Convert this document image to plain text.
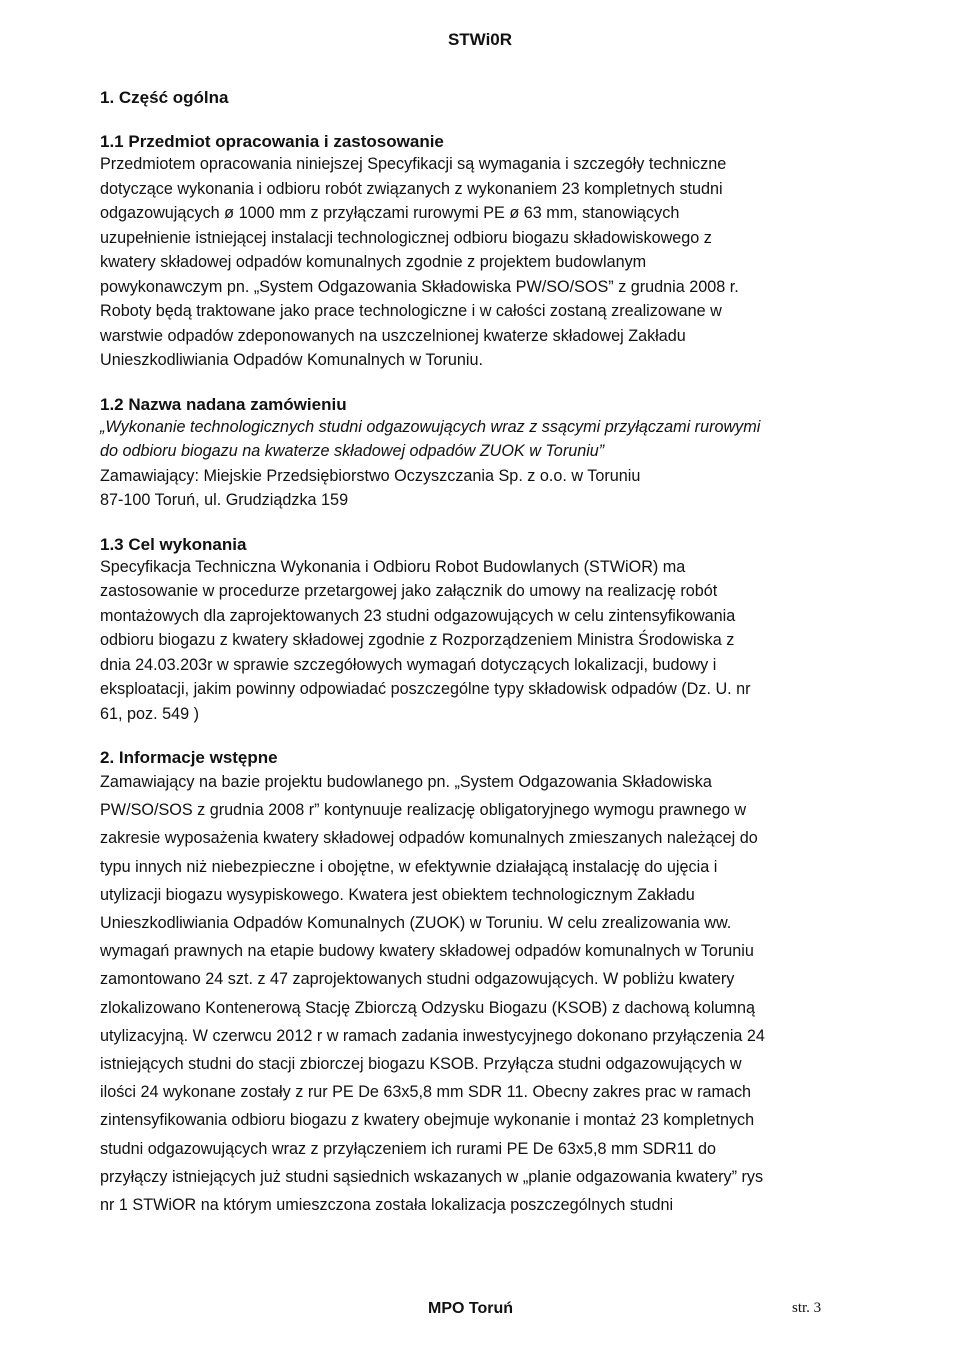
STWi0R

1. Część ogólna

1.1 Przedmiot opracowania i zastosowanie

Przedmiotem opracowania niniejszej Specyfikacji są wymagania i szczegóły techniczne

dotyczące wykonania i odbioru robót związanych z wykonaniem 23 kompletnych studni

odgazowujących ø 1000 mm z przyłączami rurowymi PE ø 63 mm, stanowiących

uzupełnienie istniejącej instalacji technologicznej odbioru biogazu składowiskowego z

kwatery składowej odpadów komunalnych zgodnie z projektem budowlanym

powykonawczym pn. „System Odgazowania Składowiska PW/SO/SOS” z grudnia 2008 r.

Roboty będą traktowane jako prace technologiczne i w całości zostaną zrealizowane w

warstwie odpadów zdeponowanych na uszczelnionej kwaterze składowej Zakładu

Unieszkodliwiania Odpadów Komunalnych w Toruniu.

1.2 Nazwa nadana zamówieniu

„Wykonanie technologicznych studni odgazowujących wraz z ssącymi przyłączami rurowymi

do odbioru biogazu na kwaterze składowej odpadów ZUOK w Toruniu”

Zamawiający: Miejskie Przedsiębiorstwo Oczyszczania Sp. z o.o. w Toruniu

87-100 Toruń, ul. Grudziądzka 159

1.3 Cel wykonania

Specyfikacja Techniczna Wykonania i Odbioru Robot Budowlanych (STWiOR) ma

zastosowanie w procedurze przetargowej jako załącznik do umowy na realizację robót

montażowych dla zaprojektowanych 23 studni odgazowujących w celu zintensyfikowania

odbioru biogazu z kwatery składowej zgodnie z Rozporządzeniem Ministra Środowiska z

dnia 24.03.203r w sprawie szczegółowych wymagań dotyczących lokalizacji, budowy i

eksploatacji, jakim powinny odpowiadać poszczególne typy składowisk odpadów (Dz. U. nr

61, poz. 549 )

2. Informacje wstępne

Zamawiający na bazie projektu budowlanego pn. „System Odgazowania Składowiska

PW/SO/SOS z grudnia 2008 r” kontynuuje realizację obligatoryjnego wymogu prawnego w

zakresie wyposażenia kwatery składowej odpadów komunalnych zmieszanych należącej do

typu innych niż niebezpieczne i obojętne, w efektywnie działającą instalację do ujęcia i

utylizacji biogazu wysypiskowego. Kwatera jest obiektem technologicznym Zakładu

Unieszkodliwiania Odpadów Komunalnych (ZUOK) w Toruniu. W celu zrealizowania ww.

wymagań prawnych na etapie budowy kwatery składowej odpadów komunalnych w Toruniu

zamontowano 24 szt. z 47 zaprojektowanych studni odgazowujących. W pobliżu kwatery

zlokalizowano Kontenerową Stację Zbiorczą Odzysku Biogazu (KSOB) z dachową kolumną

utylizacyjną. W czerwcu 2012 r w ramach zadania inwestycyjnego dokonano przyłączenia 24

istniejących studni do stacji zbiorczej biogazu KSOB. Przyłącza studni odgazowujących w

ilości 24 wykonane zostały z rur PE De 63x5,8 mm SDR 11. Obecny zakres prac w ramach

zintensyfikowania odbioru biogazu z kwatery obejmuje wykonanie i montaż 23 kompletnych

studni odgazowujących wraz z przyłączeniem ich rurami PE De 63x5,8 mm SDR11 do

przyłączy istniejących już studni sąsiednich wskazanych w „planie odgazowania kwatery” rys

nr 1 STWiOR na którym umieszczona została lokalizacja poszczególnych studni

MPO Toruń	str. 3
